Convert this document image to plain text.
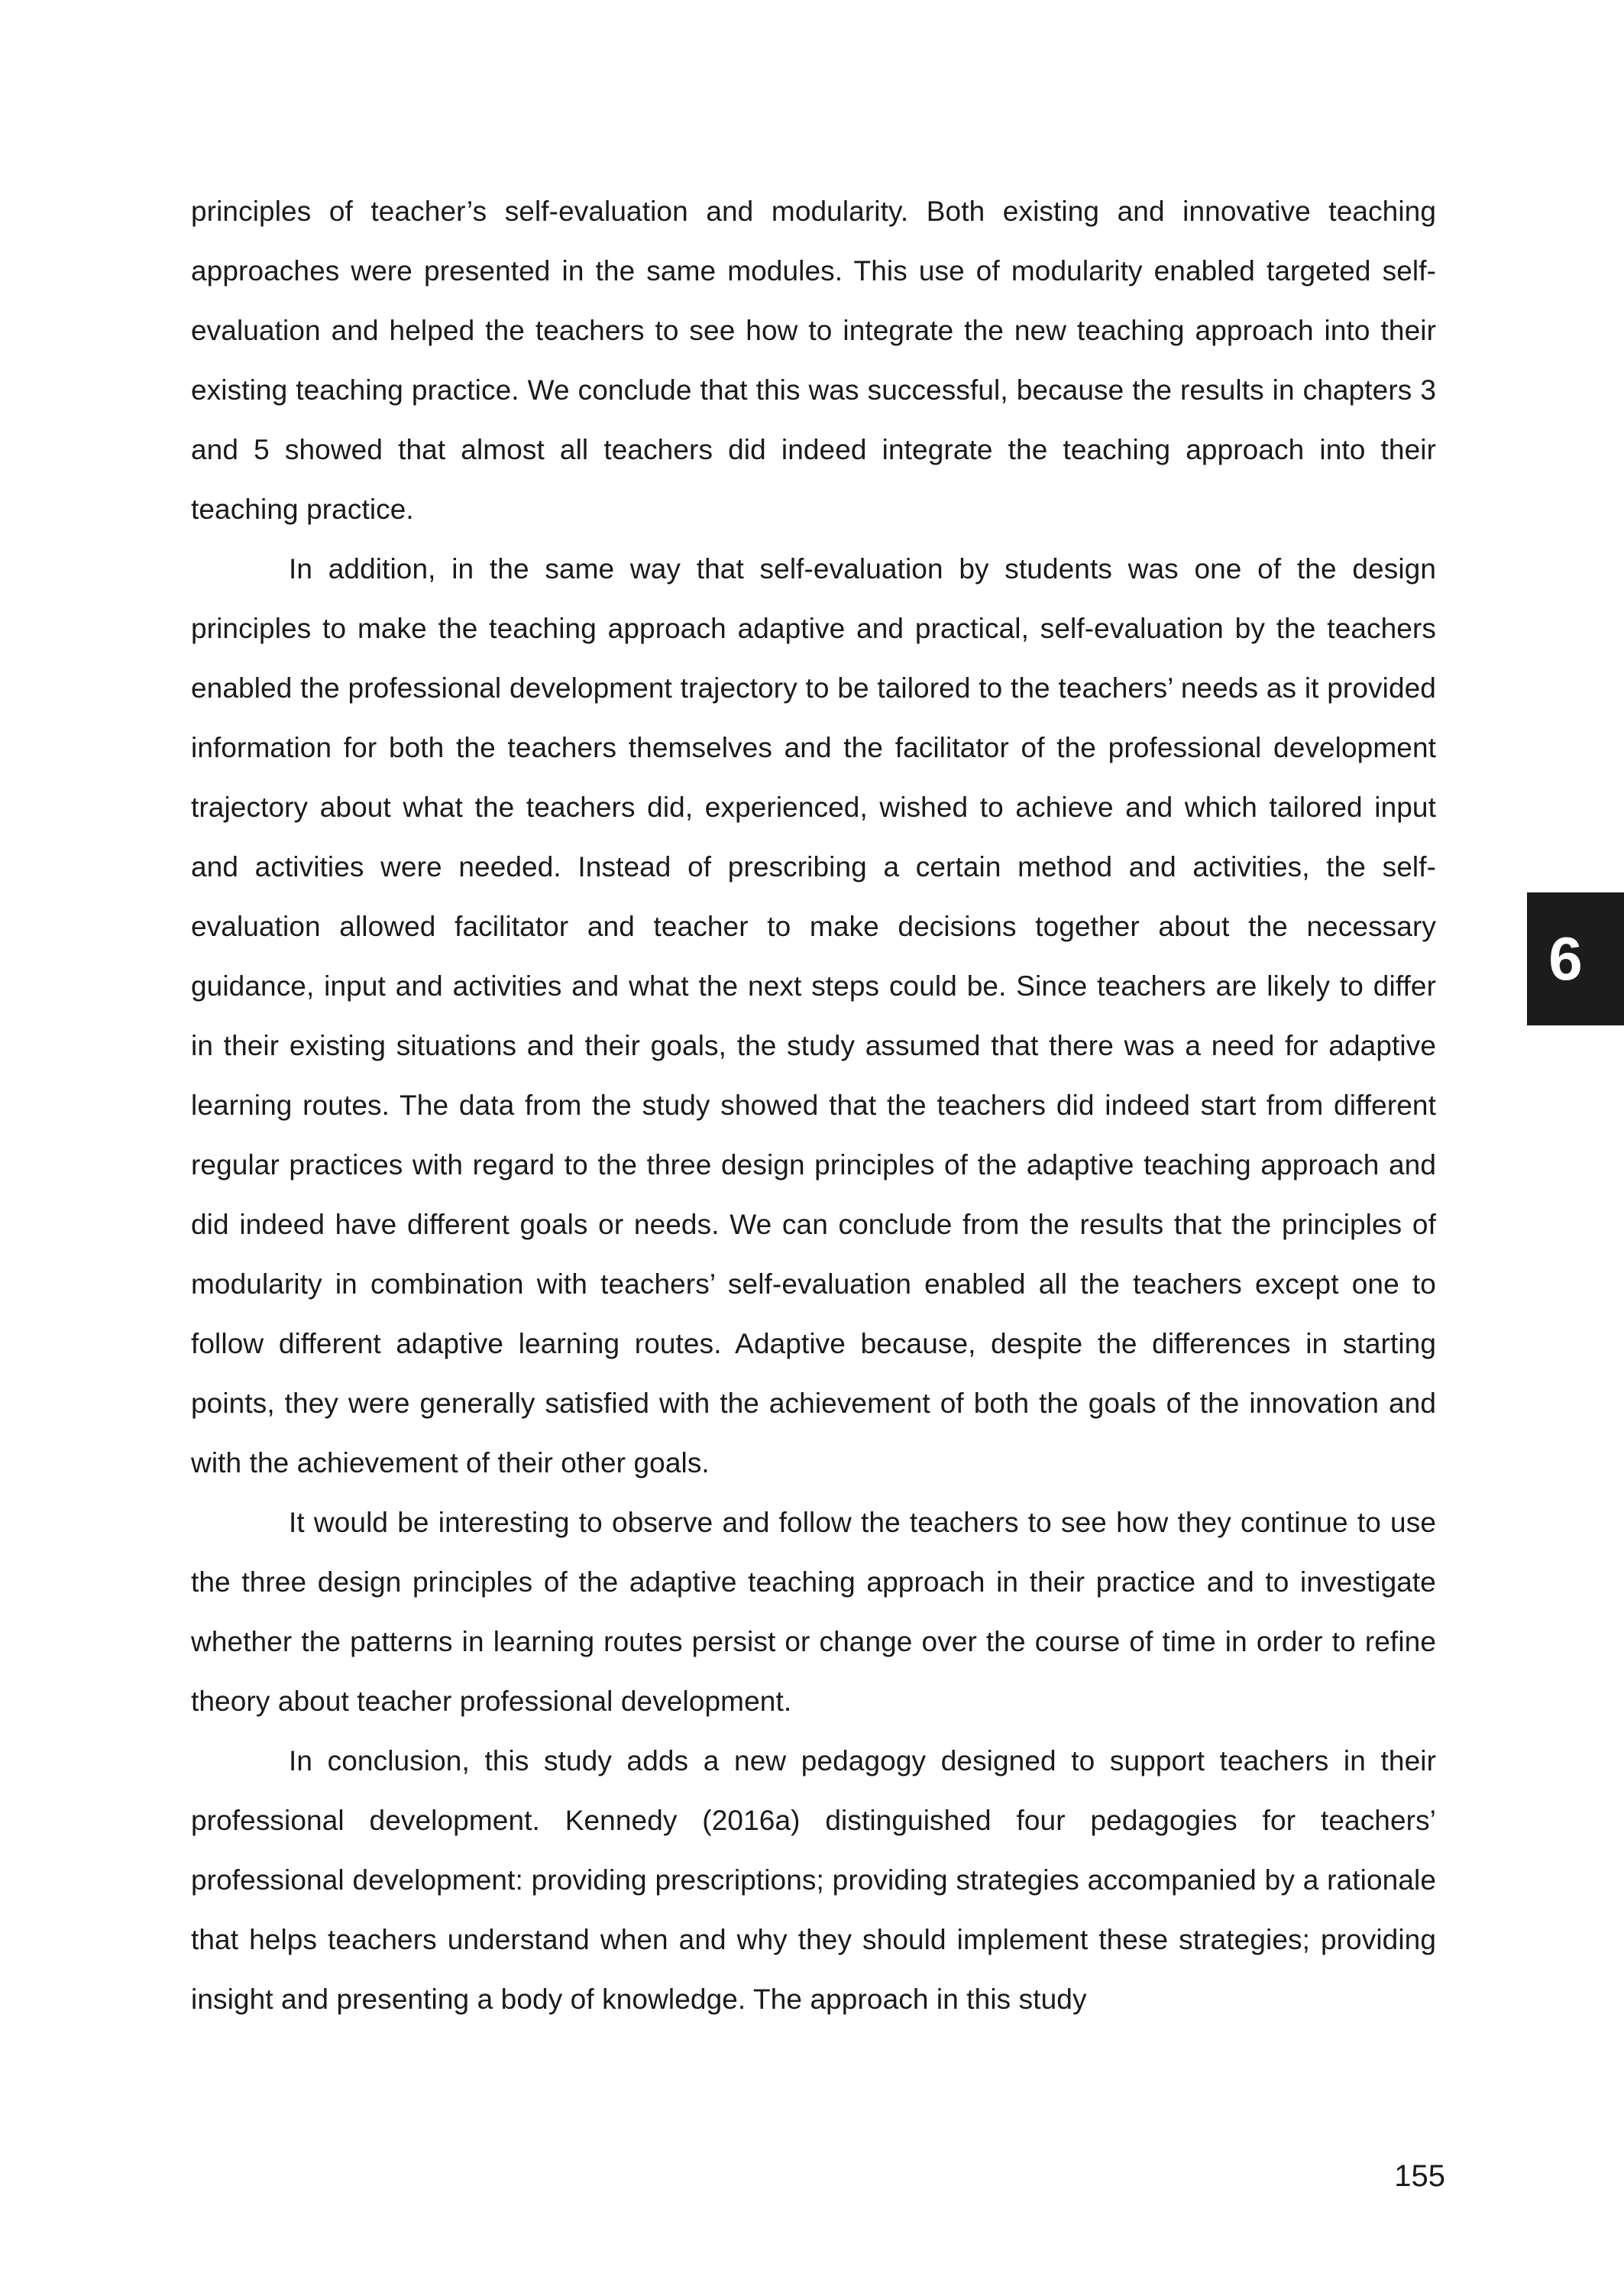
principles of teacher’s self-evaluation and modularity. Both existing and innovative teaching approaches were presented in the same modules. This use of modularity enabled targeted self-evaluation and helped the teachers to see how to integrate the new teaching approach into their existing teaching practice. We conclude that this was successful, because the results in chapters 3 and 5 showed that almost all teachers did indeed integrate the teaching approach into their teaching practice.

In addition, in the same way that self-evaluation by students was one of the design principles to make the teaching approach adaptive and practical, self-evaluation by the teachers enabled the professional development trajectory to be tailored to the teachers’ needs as it provided information for both the teachers themselves and the facilitator of the professional development trajectory about what the teachers did, experienced, wished to achieve and which tailored input and activities were needed. Instead of prescribing a certain method and activities, the self-evaluation allowed facilitator and teacher to make decisions together about the necessary guidance, input and activities and what the next steps could be. Since teachers are likely to differ in their existing situations and their goals, the study assumed that there was a need for adaptive learning routes. The data from the study showed that the teachers did indeed start from different regular practices with regard to the three design principles of the adaptive teaching approach and did indeed have different goals or needs. We can conclude from the results that the principles of modularity in combination with teachers’ self-evaluation enabled all the teachers except one to follow different adaptive learning routes. Adaptive because, despite the differences in starting points, they were generally satisfied with the achievement of both the goals of the innovation and with the achievement of their other goals.

It would be interesting to observe and follow the teachers to see how they continue to use the three design principles of the adaptive teaching approach in their practice and to investigate whether the patterns in learning routes persist or change over the course of time in order to refine theory about teacher professional development.

In conclusion, this study adds a new pedagogy designed to support teachers in their professional development. Kennedy (2016a) distinguished four pedagogies for teachers’ professional development: providing prescriptions; providing strategies accompanied by a rationale that helps teachers understand when and why they should implement these strategies; providing insight and presenting a body of knowledge. The approach in this study

6
155
